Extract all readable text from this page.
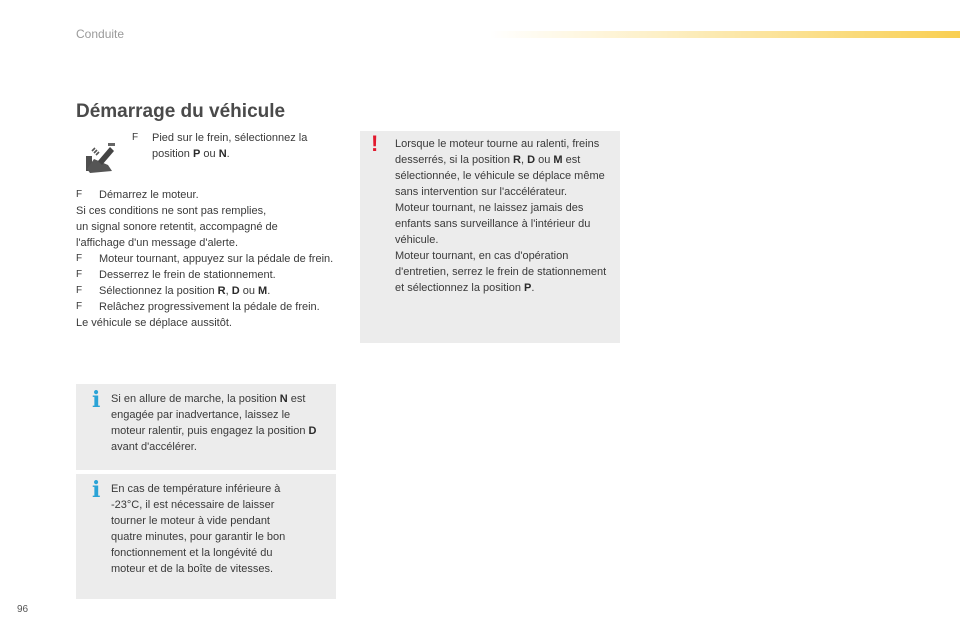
Conduite
Démarrage du véhicule
F Pied sur le frein, sélectionnez la position P ou N.
F Démarrez le moteur.

Si ces conditions ne sont pas remplies,
un signal sonore retentit, accompagné de
l'affichage d'un message d'alerte.

F Moteur tournant, appuyez sur la pédale de frein.
F Desserrez le frein de stationnement.
F Sélectionnez la position R, D ou M.
F Relâchez progressivement la pédale de frein.

Le véhicule se déplace aussitôt.

i Si en allure de marche, la position N est engagée par inadvertance, laissez le moteur ralentir, puis engagez la position D avant d'accélérer.
i En cas de température inférieure à -23°C, il est nécessaire de laisser tourner le moteur à vide pendant quatre minutes, pour garantir le bon fonctionnement et la longévité du moteur et de la boîte de vitesses.
! Lorsque le moteur tourne au ralenti, freins desserrés, si la position R, D ou M est sélectionnée, le véhicule se déplace même sans intervention sur l'accélérateur.
Moteur tournant, ne laissez jamais des enfants sans surveillance à l'intérieur du véhicule.
Moteur tournant, en cas d'opération d'entretien, serrez le frein de stationnement et sélectionnez la position P.
96
